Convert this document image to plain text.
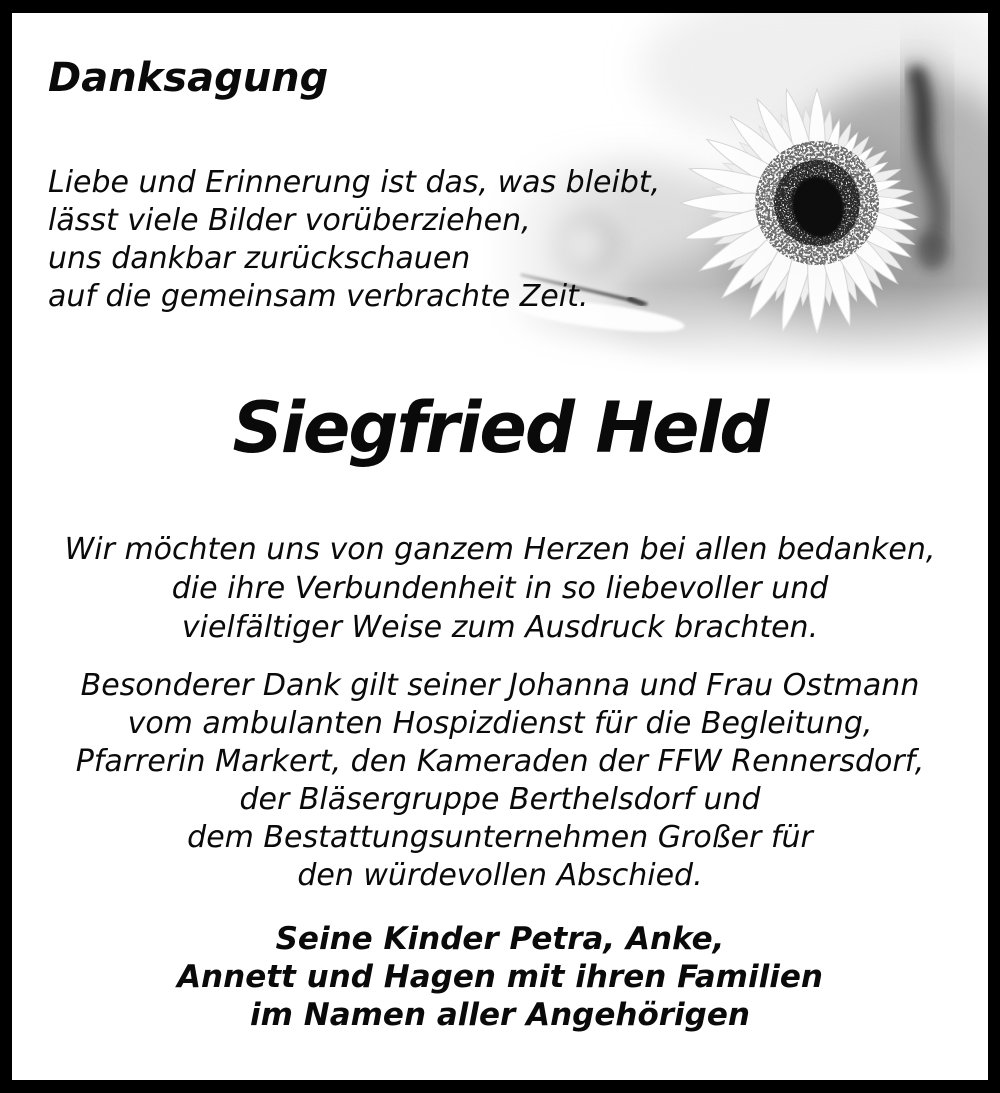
Danksagung
Liebe und Erinnerung ist das, was bleibt,
lässt viele Bilder vorüberziehen,
uns dankbar zurückschauen
auf die gemeinsam verbrachte Zeit.
Siegfried Held
Wir möchten uns von ganzem Herzen bei allen bedanken,
die ihre Verbundenheit in so liebevoller und
vielfältiger Weise zum Ausdruck brachten.
Besonderer Dank gilt seiner Johanna und Frau Ostmann
vom ambulanten Hospizdienst für die Begleitung,
Pfarrerin Markert, den Kameraden der FFW Rennersdorf,
der Bläsergruppe Berthelsdorf und
dem Bestattungsunternehmen Großer für
den würdevollen Abschied.
Seine Kinder Petra, Anke,
Annett und Hagen mit ihren Familien
im Namen aller Angehörigen
